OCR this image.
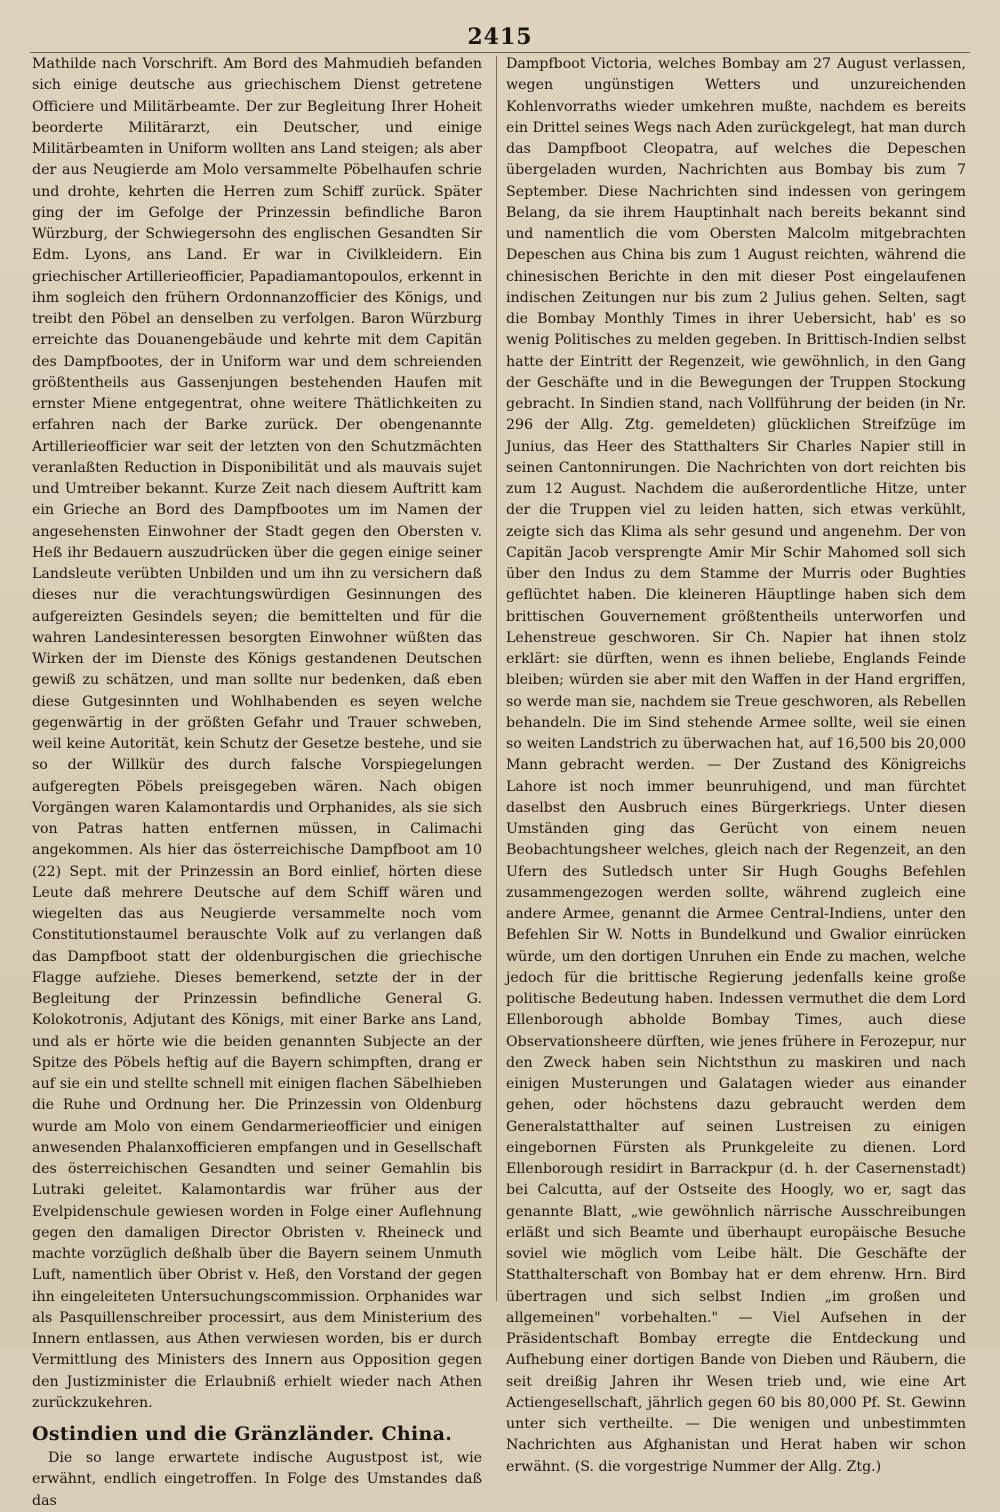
2415

Mathilde nach Vorschrift. Am Bord des Mahmudieh befanden sich einige deutsche aus griechischem Dienst getretene Officiere und Militärbeamte. Der zur Begleitung Ihrer Hoheit beorderte Militärarzt, ein Deutscher, und einige Militärbeamten in Uniform wollten ans Land steigen; als aber der aus Neugierde am Molo versammelte Pöbelhaufen schrie und drohte, kehrten die Herren zum Schiff zurück. Später ging der im Gefolge der Prinzessin befindliche Baron Würzburg, der Schwiegersohn des englischen Gesandten Sir Edm. Lyons, ans Land. Er war in Civilkleidern. Ein griechischer Artillerieofficier, Papadiamantopoulos, erkennt in ihm sogleich den frühern Ordonnanzofficier des Königs, und treibt den Pöbel an denselben zu verfolgen. Baron Würzburg erreichte das Douanengebäude und kehrte mit dem Capitän des Dampfbootes, der in Uniform war und dem schreienden größtentheils aus Gassenjungen bestehenden Haufen mit ernster Miene entgegentrat, ohne weitere Thätlichkeiten zu erfahren nach der Barke zurück. Der obengenannte Artillerieofficier war seit der letzten von den Schutzmächten veranlaßten Reduction in Disponibilität und als mauvais sujet und Umtreiber bekannt. Kurze Zeit nach diesem Auftritt kam ein Grieche an Bord des Dampfbootes um im Namen der angesehensten Einwohner der Stadt gegen den Obersten v. Heß ihr Bedauern auszudrücken über die gegen einige seiner Landsleute verübten Unbilden und um ihn zu versichern daß dieses nur die verachtungswürdigen Gesinnungen des aufgereizten Gesindels seyen; die bemittelten und für die wahren Landesinteressen besorgten Einwohner wüßten das Wirken der im Dienste des Königs gestandenen Deutschen gewiß zu schätzen, und man sollte nur bedenken, daß eben diese Gutgesinnten und Wohlhabenden es seyen welche gegenwärtig in der größten Gefahr und Trauer schweben, weil keine Autorität, kein Schutz der Gesetze bestehe, und sie so der Willkür des durch falsche Vorspiegelungen aufgeregten Pöbels preisgegeben wären. Nach obigen Vorgängen waren Kalamontardis und Orphanides, als sie sich von Patras hatten entfernen müssen, in Calimachi angekommen. Als hier das österreichische Dampfboot am 10 (22) Sept. mit der Prinzessin an Bord einlief, hörten diese Leute daß mehrere Deutsche auf dem Schiff wären und wiegelten das aus Neugierde versammelte noch vom Constitutionstaumel berauschte Volk auf zu verlangen daß das Dampfboot statt der oldenburgischen die griechische Flagge aufziehe. Dieses bemerkend, setzte der in der Begleitung der Prinzessin befindliche General G. Kolokotronis, Adjutant des Königs, mit einer Barke ans Land, und als er hörte wie die beiden genannten Subjecte an der Spitze des Pöbels heftig auf die Bayern schimpften, drang er auf sie ein und stellte schnell mit einigen flachen Säbelhieben die Ruhe und Ordnung her. Die Prinzessin von Oldenburg wurde am Molo von einem Gendarmerieofficier und einigen anwesenden Phalanxofficieren empfangen und in Gesellschaft des österreichischen Gesandten und seiner Gemahlin bis Lutraki geleitet. Kalamontardis war früher aus der Evelpidenschule gewiesen worden in Folge einer Auflehnung gegen den damaligen Director Obristen v. Rheineck und machte vorzüglich deßhalb über die Bayern seinem Unmuth Luft, namentlich über Obrist v. Heß, den Vorstand der gegen ihn eingeleiteten Untersuchungscommission. Orphanides war als Pasquillenschreiber processirt, aus dem Ministerium des Innern entlassen, aus Athen verwiesen worden, bis er durch Vermittlung des Ministers des Innern aus Opposition gegen den Justizminister die Erlaubniß erhielt wieder nach Athen zurückzukehren.

Ostindien und die Gränzländer. China.

Die so lange erwartete indische Augustpost ist, wie erwähnt, endlich eingetroffen. In Folge des Umstandes daß das

Dampfboot Victoria, welches Bombay am 27 August verlassen, wegen ungünstigen Wetters und unzureichenden Kohlenvorraths wieder umkehren mußte, nachdem es bereits ein Drittel seines Wegs nach Aden zurückgelegt, hat man durch das Dampfboot Cleopatra, auf welches die Depeschen übergeladen wurden, Nachrichten aus Bombay bis zum 7 September. Diese Nachrichten sind indessen von geringem Belang, da sie ihrem Hauptinhalt nach bereits bekannt sind und namentlich die vom Obersten Malcolm mitgebrachten Depeschen aus China bis zum 1 August reichten, während die chinesischen Berichte in den mit dieser Post eingelaufenen indischen Zeitungen nur bis zum 2 Julius gehen. Selten, sagt die Bombay Monthly Times in ihrer Uebersicht, hab' es so wenig Politisches zu melden gegeben. In Brittisch-Indien selbst hatte der Eintritt der Regenzeit, wie gewöhnlich, in den Gang der Geschäfte und in die Bewegungen der Truppen Stockung gebracht. In Sindien stand, nach Vollführung der beiden (in Nr. 296 der Allg. Ztg. gemeldeten) glücklichen Streifzüge im Junius, das Heer des Statthalters Sir Charles Napier still in seinen Cantonnirungen. Die Nachrichten von dort reichten bis zum 12 August. Nachdem die außerordentliche Hitze, unter der die Truppen viel zu leiden hatten, sich etwas verkühlt, zeigte sich das Klima als sehr gesund und angenehm. Der von Capitän Jacob versprengte Amir Mir Schir Mahomed soll sich über den Indus zu dem Stamme der Murris oder Bughties geflüchtet haben. Die kleineren Häuptlinge haben sich dem brittischen Gouvernement größtentheils unterworfen und Lehenstreue geschworen. Sir Ch. Napier hat ihnen stolz erklärt: sie dürften, wenn es ihnen beliebe, Englands Feinde bleiben; würden sie aber mit den Waffen in der Hand ergriffen, so werde man sie, nachdem sie Treue geschworen, als Rebellen behandeln. Die im Sind stehende Armee sollte, weil sie einen so weiten Landstrich zu überwachen hat, auf 16,500 bis 20,000 Mann gebracht werden. — Der Zustand des Königreichs Lahore ist noch immer beunruhigend, und man fürchtet daselbst den Ausbruch eines Bürgerkriegs. Unter diesen Umständen ging das Gerücht von einem neuen Beobachtungsheer welches, gleich nach der Regenzeit, an den Ufern des Sutledsch unter Sir Hugh Goughs Befehlen zusammengezogen werden sollte, während zugleich eine andere Armee, genannt die Armee Central-Indiens, unter den Befehlen Sir W. Notts in Bundelkund und Gwalior einrücken würde, um den dortigen Unruhen ein Ende zu machen, welche jedoch für die brittische Regierung jedenfalls keine große politische Bedeutung haben. Indessen vermuthet die dem Lord Ellenborough abholde Bombay Times, auch diese Observationsheere dürften, wie jenes frühere in Ferozepur, nur den Zweck haben sein Nichtsthun zu maskiren und nach einigen Musterungen und Galatagen wieder aus einander gehen, oder höchstens dazu gebraucht werden dem Generalstatthalter auf seinen Lustreisen zu einigen eingebornen Fürsten als Prunkgeleite zu dienen. Lord Ellenborough residirt in Barrackpur (d. h. der Casernenstadt) bei Calcutta, auf der Ostseite des Hoogly, wo er, sagt das genannte Blatt, „wie gewöhnlich närrische Ausschreibungen erläßt und sich Beamte und überhaupt europäische Besuche soviel wie möglich vom Leibe hält. Die Geschäfte der Statthalterschaft von Bombay hat er dem ehrenw. Hrn. Bird übertragen und sich selbst Indien „im großen und allgemeinen" vorbehalten." — Viel Aufsehen in der Präsidentschaft Bombay erregte die Entdeckung und Aufhebung einer dortigen Bande von Dieben und Räubern, die seit dreißig Jahren ihr Wesen trieb und, wie eine Art Actiengesellschaft, jährlich gegen 60 bis 80,000 Pf. St. Gewinn unter sich vertheilte. — Die wenigen und unbestimmten Nachrichten aus Afghanistan und Herat haben wir schon erwähnt. (S. die vorgestrige Nummer der Allg. Ztg.)
